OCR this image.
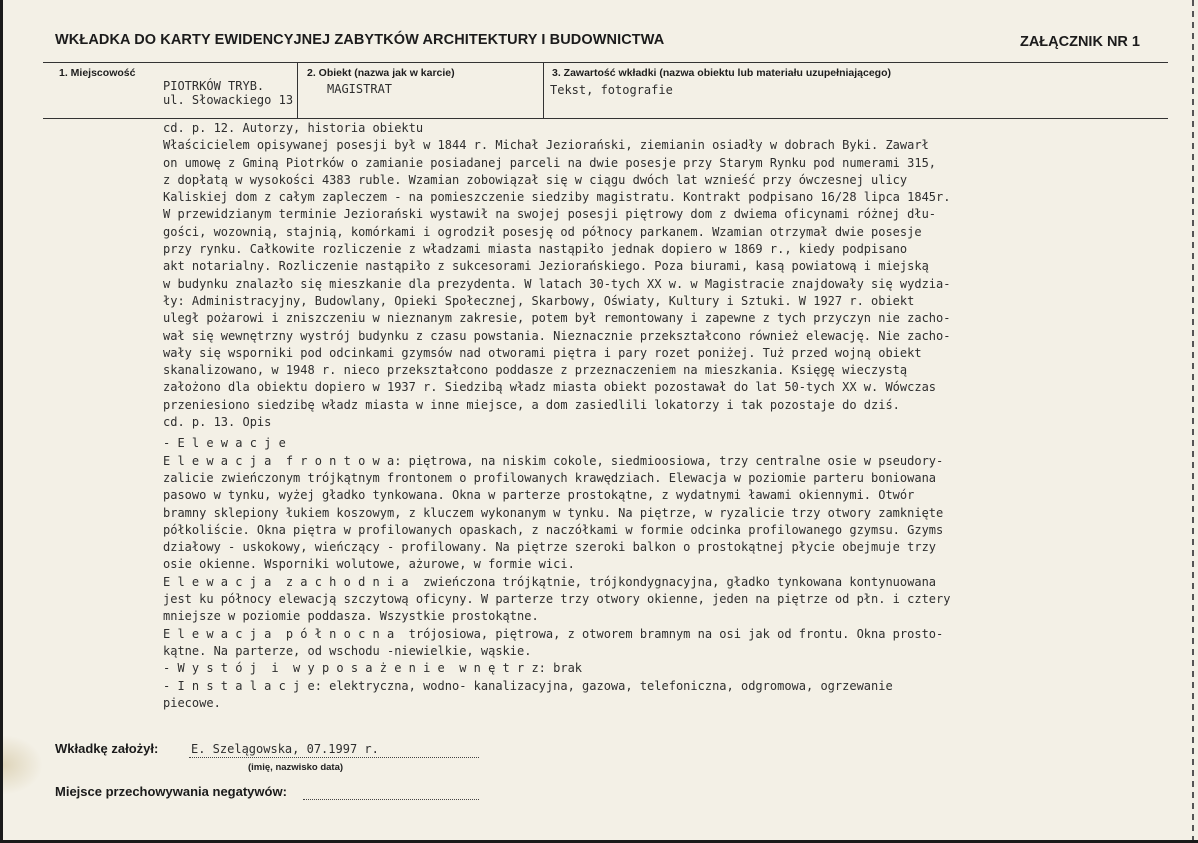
WKŁADKA DO KARTY EWIDENCYJNEJ ZABYTKÓW ARCHITEKTURY I BUDOWNICTWA	ZAŁĄCZNIK NR 1
1. Miejscowość
PIOTRKÓW TRYB.
ul. Słowackiego 13
2. Obiekt (nazwa jak w karcie)
MAGISTRAT
3. Zawartość wkładki (nazwa obiektu lub materiału uzupełniającego)
Tekst, fotografie
cd. p. 12. Autorzy, historia obiektu
Właścicielem opisywanej posesji był w 1844 r. Michał Jeziorański, ziemianin osiadły w dobrach Byki. Zawarł
on umowę z Gminą Piotrków o zamianie posiadanej parceli na dwie posesje przy Starym Rynku pod numerami 315,
z dopłatą w wysokości 4383 ruble. Wzamian zobowiązał się w ciągu dwóch lat wznieść przy ówczesnej ulicy
Kaliskiej dom z całym zapleczem - na pomieszczenie siedziby magistratu. Kontrakt podpisano 16/28 lipca 1845r.
W przewidzianym terminie Jeziorański wystawił na swojej posesji piętrowy dom z dwiema oficynami różnej dłu-
gości, wozownią, stajnią, komórkami i ogrodził posesję od północy parkanem. Wzamian otrzymał dwie posesje
przy rynku. Całkowite rozliczenie z władzami miasta nastąpiło jednak dopiero w 1869 r., kiedy podpisano
akt notarialny. Rozliczenie nastąpiło z sukcesorami Jeziorańskiego. Poza biurami, kasą powiatową i miejską
w budynku znalazło się mieszkanie dla prezydenta. W latach 30-tych XX w. w Magistracie znajdowały się wydzia-
ły: Administracyjny, Budowlany, Opieki Społecznej, Skarbowy, Oświaty, Kultury i Sztuki. W 1927 r. obiekt
uległ pożarowi i zniszczeniu w nieznanym zakresie, potem był remontowany i zapewne z tych przyczyn nie zacho-
wał się wewnętrzny wystrój budynku z czasu powstania. Nieznacznie przekształcono również elewację. Nie zacho-
wały się wsporniki pod odcinkami gzymsów nad otworami piętra i pary rozet poniżej. Tuż przed wojną obiekt
skanalizowano, w 1948 r. nieco przekształcono poddasze z przeznaczeniem na mieszkania. Księgę wieczystą
założono dla obiektu dopiero w 1937 r. Siedzibą władz miasta obiekt pozostawał do lat 50-tych XX w. Wówczas
przeniesiono siedzibę władz miasta w inne miejsce, a dom zasiedlili lokatorzy i tak pozostaje do dziś.
cd. p. 13. Opis
- E l e w a c j e
E l e w a c j a  f r o n t o w a: piętrowa, na niskim cokole, siedmioosiowa, trzy centralne osie w pseudory-
zalicie zwieńczonym trójkątnym frontonem o profilowanych krawędziach. Elewacja w poziomie parteru boniowana
pasowo w tynku, wyżej gładko tynkowana. Okna w parterze prostokątne, z wydatnymi ławami okiennymi. Otwór
bramny sklepiony łukiem koszowym, z kluczem wykonanym w tynku. Na piętrze, w ryzalicie trzy otwory zamknięte
półkoliście. Okna piętra w profilowanych opaskach, z naczółkami w formie odcinka profilowanego gzymsu. Gzyms
działowy - uskokowy, wieńczący - profilowany. Na piętrze szeroki balkon o prostokątnej płycie obejmuje trzy
osie okienne. Wsporniki wolutowe, ażurowe, w formie wici.
E l e w a c j a  z a c h o d n i a  zwieńczona trójkątnie, trójkondygnacyjna, gładko tynkowana kontynuowana
jest ku północy elewacją szczytową oficyny. W parterze trzy otwory okienne, jeden na piętrze od płn. i cztery
mniejsze w poziomie poddasza. Wszystkie prostokątne.
E l e w a c j a  p ó ł n o c n a  trójosiowa, piętrowa, z otworem bramnym na osi jak od frontu. Okna prosto-
kątne. Na parterze, od wschodu -niewielkie, wąskie.
- W y s t ó j  i  w y p o s a ż e n i e  w n ę t r z: brak
- I n s t a l a c j e: elektryczna, wodno- kanalizacyjna, gazowa, telefoniczna, odgromowa, ogrzewanie
piecowe.
Wkładkę założył:	E. Szelągowska, 07.1997 r.
(imię, nazwisko data)
Miejsce przechowywania negatywów:
